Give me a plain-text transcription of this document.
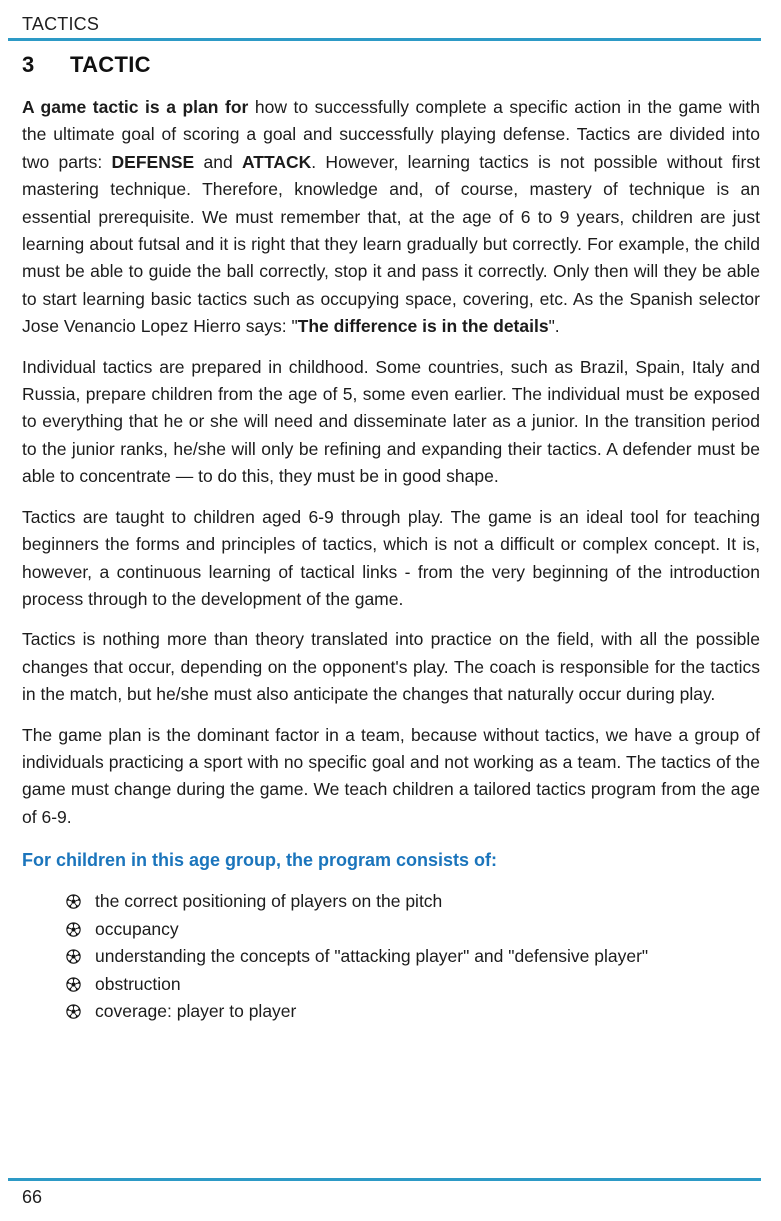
TACTICS
3 TACTIC

A game tactic is a plan for how to successfully complete a specific action in the game with the ultimate goal of scoring a goal and successfully playing defense. Tactics are divided into two parts: DEFENSE and ATTACK. However, learning tactics is not possible without first mastering technique. Therefore, knowledge and, of course, mastery of technique is an essential prerequisite. We must remember that, at the age of 6 to 9 years, children are just learning about futsal and it is right that they learn gradually but correctly. For example, the child must be able to guide the ball correctly, stop it and pass it correctly. Only then will they be able to start learning basic tactics such as occupying space, covering, etc. As the Spanish selector Jose Venancio Lopez Hierro says: "The difference is in the details".

Individual tactics are prepared in childhood. Some countries, such as Brazil, Spain, Italy and Russia, prepare children from the age of 5, some even earlier. The individual must be exposed to everything that he or she will need and disseminate later as a junior. In the transition period to the junior ranks, he/she will only be refining and expanding their tactics. A defender must be able to concentrate — to do this, they must be in good shape.

Tactics are taught to children aged 6-9 through play. The game is an ideal tool for teaching beginners the forms and principles of tactics, which is not a difficult or complex concept. It is, however, a continuous learning of tactical links - from the very beginning of the introduction process through to the development of the game.

Tactics is nothing more than theory translated into practice on the field, with all the possible changes that occur, depending on the opponent's play. The coach is responsible for the tactics in the match, but he/she must also anticipate the changes that naturally occur during play.

The game plan is the dominant factor in a team, because without tactics, we have a group of individuals practicing a sport with no specific goal and not working as a team. The tactics of the game must change during the game. We teach children a tailored tactics program from the age of 6-9.

For children in this age group, the program consists of:
the correct positioning of players on the pitch
occupancy
understanding the concepts of "attacking player" and "defensive player"
obstruction
coverage: player to player
66
